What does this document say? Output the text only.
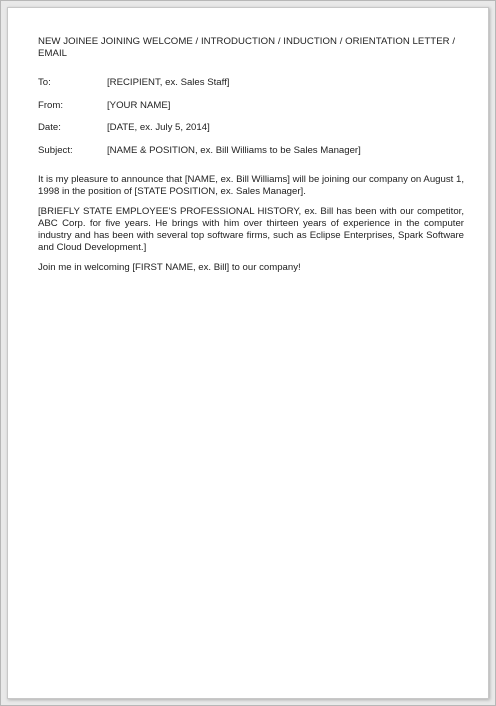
NEW JOINEE JOINING WELCOME / INTRODUCTION / INDUCTION / ORIENTATION LETTER / EMAIL
To:	[RECIPIENT, ex. Sales Staff]
From:	[YOUR NAME]
Date:	[DATE, ex. July 5, 2014]
Subject:	[NAME & POSITION, ex. Bill Williams to be Sales Manager]

It is my pleasure to announce that [NAME, ex. Bill Williams] will be joining our company on August 1, 1998 in the position of [STATE POSITION, ex. Sales Manager].

[BRIEFLY STATE EMPLOYEE'S PROFESSIONAL HISTORY, ex. Bill has been with our competitor, ABC Corp. for five years. He brings with him over thirteen years of experience in the computer industry and has been with several top software firms, such as Eclipse Enterprises, Spark Software and Cloud Development.]

Join me in welcoming [FIRST NAME, ex. Bill] to our company!
